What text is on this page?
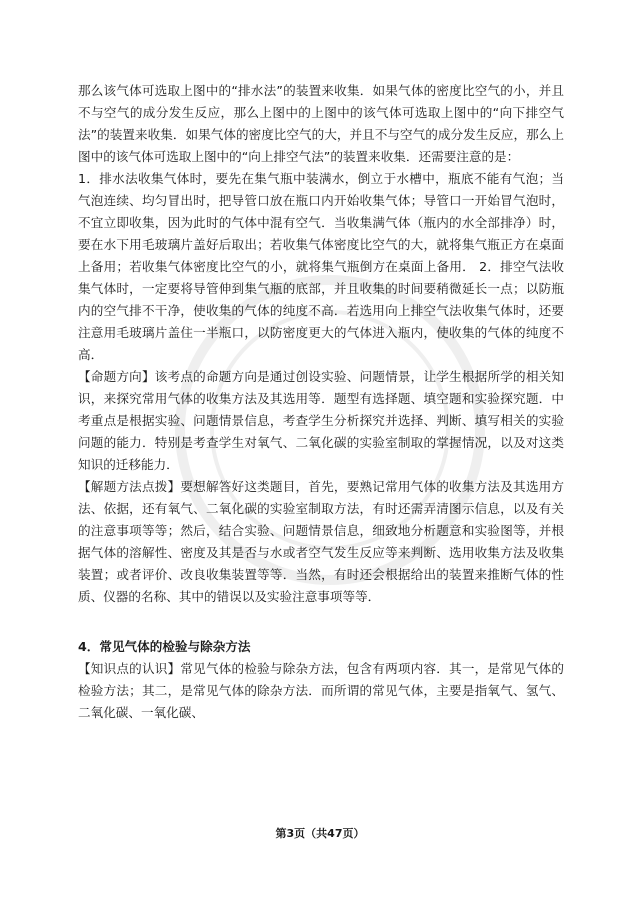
那么该气体可选取上图中的“排水法”的装置来收集．如果气体的密度比空气的小，并且不与空气的成分发生反应，那么上图中的上图中的该气体可选取上图中的“向下排空气法”的装置来收集．如果气体的密度比空气的大，并且不与空气的成分发生反应，那么上图中的该气体可选取上图中的“向上排空气法”的装置来收集．还需要注意的是：

1．排水法收集气体时，要先在集气瓶中装满水，倒立于水槽中，瓶底不能有气泡；当气泡连续、均匀冒出时，把导管口放在瓶口内开始收集气体；导管口一开始冒气泡时，不宜立即收集，因为此时的气体中混有空气．当收集满气体（瓶内的水全部排净）时，要在水下用毛玻璃片盖好后取出；若收集气体密度比空气的大，就将集气瓶正方在桌面上备用；若收集气体密度比空气的小，就将集气瓶倒方在桌面上备用． 2．排空气法收集气体时，一定要将导管伸到集气瓶的底部，并且收集的时间要稍微延长一点；以防瓶内的空气排不干净，使收集的气体的纯度不高．若选用向上排空气法收集气体时，还要注意用毛玻璃片盖住一半瓶口，以防密度更大的气体进入瓶内，使收集的气体的纯度不高．

【命题方向】该考点的命题方向是通过创设实验、问题情景，让学生根据所学的相关知识，来探究常用气体的收集方法及其选用等．题型有选择题、填空题和实验探究题．中考重点是根据实验、问题情景信息，考查学生分析探究并选择、判断、填写相关的实验问题的能力．特别是考查学生对氧气、二氧化碳的实验室制取的掌握情况，以及对这类知识的迁移能力．

【解题方法点拨】要想解答好这类题目，首先，要熟记常用气体的收集方法及其选用方法、依据，还有氧气、二氧化碳的实验室制取方法，有时还需弄清图示信息，以及有关的注意事项等等；然后，结合实验、问题情景信息，细致地分析题意和实验图等，并根据气体的溶解性、密度及其是否与水或者空气发生反应等来判断、选用收集方法及收集装置；或者评价、改良收集装置等等．当然，有时还会根据给出的装置来推断气体的性质、仪器的名称、其中的错误以及实验注意事项等等．

4．常见气体的检验与除杂方法

【知识点的认识】常见气体的检验与除杂方法，包含有两项内容．其一，是常见气体的检验方法；其二，是常见气体的除杂方法．而所谓的常见气体，主要是指氧气、氢气、二氧化碳、一氧化碳、

第3页（共47页）
